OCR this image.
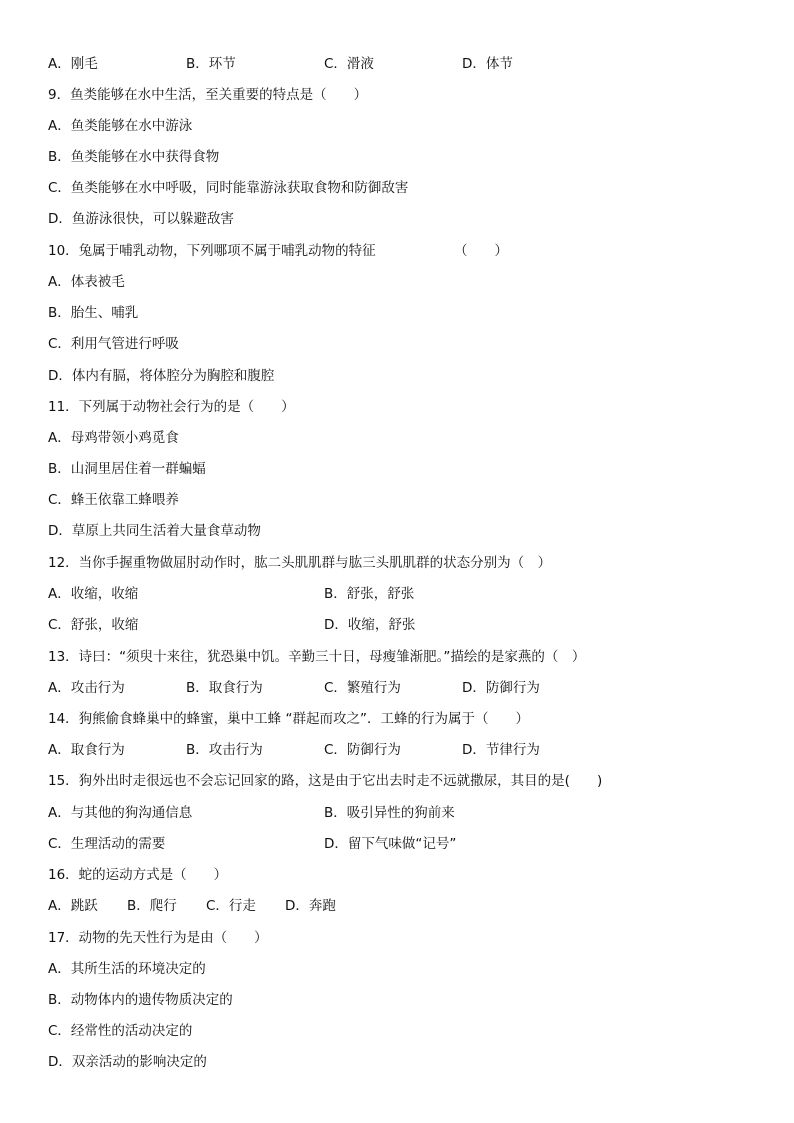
A．刚毛	B．环节	C．滑液	D．体节
9．鱼类能够在水中生活，至关重要的特点是（　　）
A．鱼类能够在水中游泳
B．鱼类能够在水中获得食物
C．鱼类能够在水中呼吸，同时能靠游泳获取食物和防御敌害
D．鱼游泳很快，可以躲避敌害
10．兔属于哺乳动物，下列哪项不属于哺乳动物的特征	（　　）
A．体表被毛
B．胎生、哺乳
C．利用气管进行呼吸
D．体内有膈，将体腔分为胸腔和腹腔
11．下列属于动物社会行为的是（　　）
A．母鸡带领小鸡觅食
B．山洞里居住着一群蝙蝠
C．蜂王依靠工蜂喂养
D．草原上共同生活着大量食草动物
12．当你手握重物做屈肘动作时，肱二头肌肌群与肱三头肌肌群的状态分别为（　）
A．收缩，收缩	B．舒张，舒张
C．舒张，收缩	D．收缩，舒张
13．诗曰：“须臾十来往，犹恐巢中饥。辛勤三十日，母瘦雏渐肥。”描绘的是家燕的（　）
A．攻击行为	B．取食行为	C．繁殖行为	D．防御行为
14．狗熊偷食蜂巢中的蜂蜜，巢中工蜂 “群起而攻之”．工蜂的行为属于（　　）
A．取食行为	B．攻击行为	C．防御行为	D．节律行为
15．狗外出时走很远也不会忘记回家的路，这是由于它出去时走不远就撒尿，其目的是(　　)
A．与其他的狗沟通信息	B．吸引异性的狗前来
C．生理活动的需要	D．留下气味做“记号”
16．蛇的运动方式是（　　）
A．跳跃 B．爬行 C．行走 D．奔跑
17．动物的先天性行为是由（　　）
A．其所生活的环境决定的
B．动物体内的遗传物质决定的
C．经常性的活动决定的
D．双亲活动的影响决定的
